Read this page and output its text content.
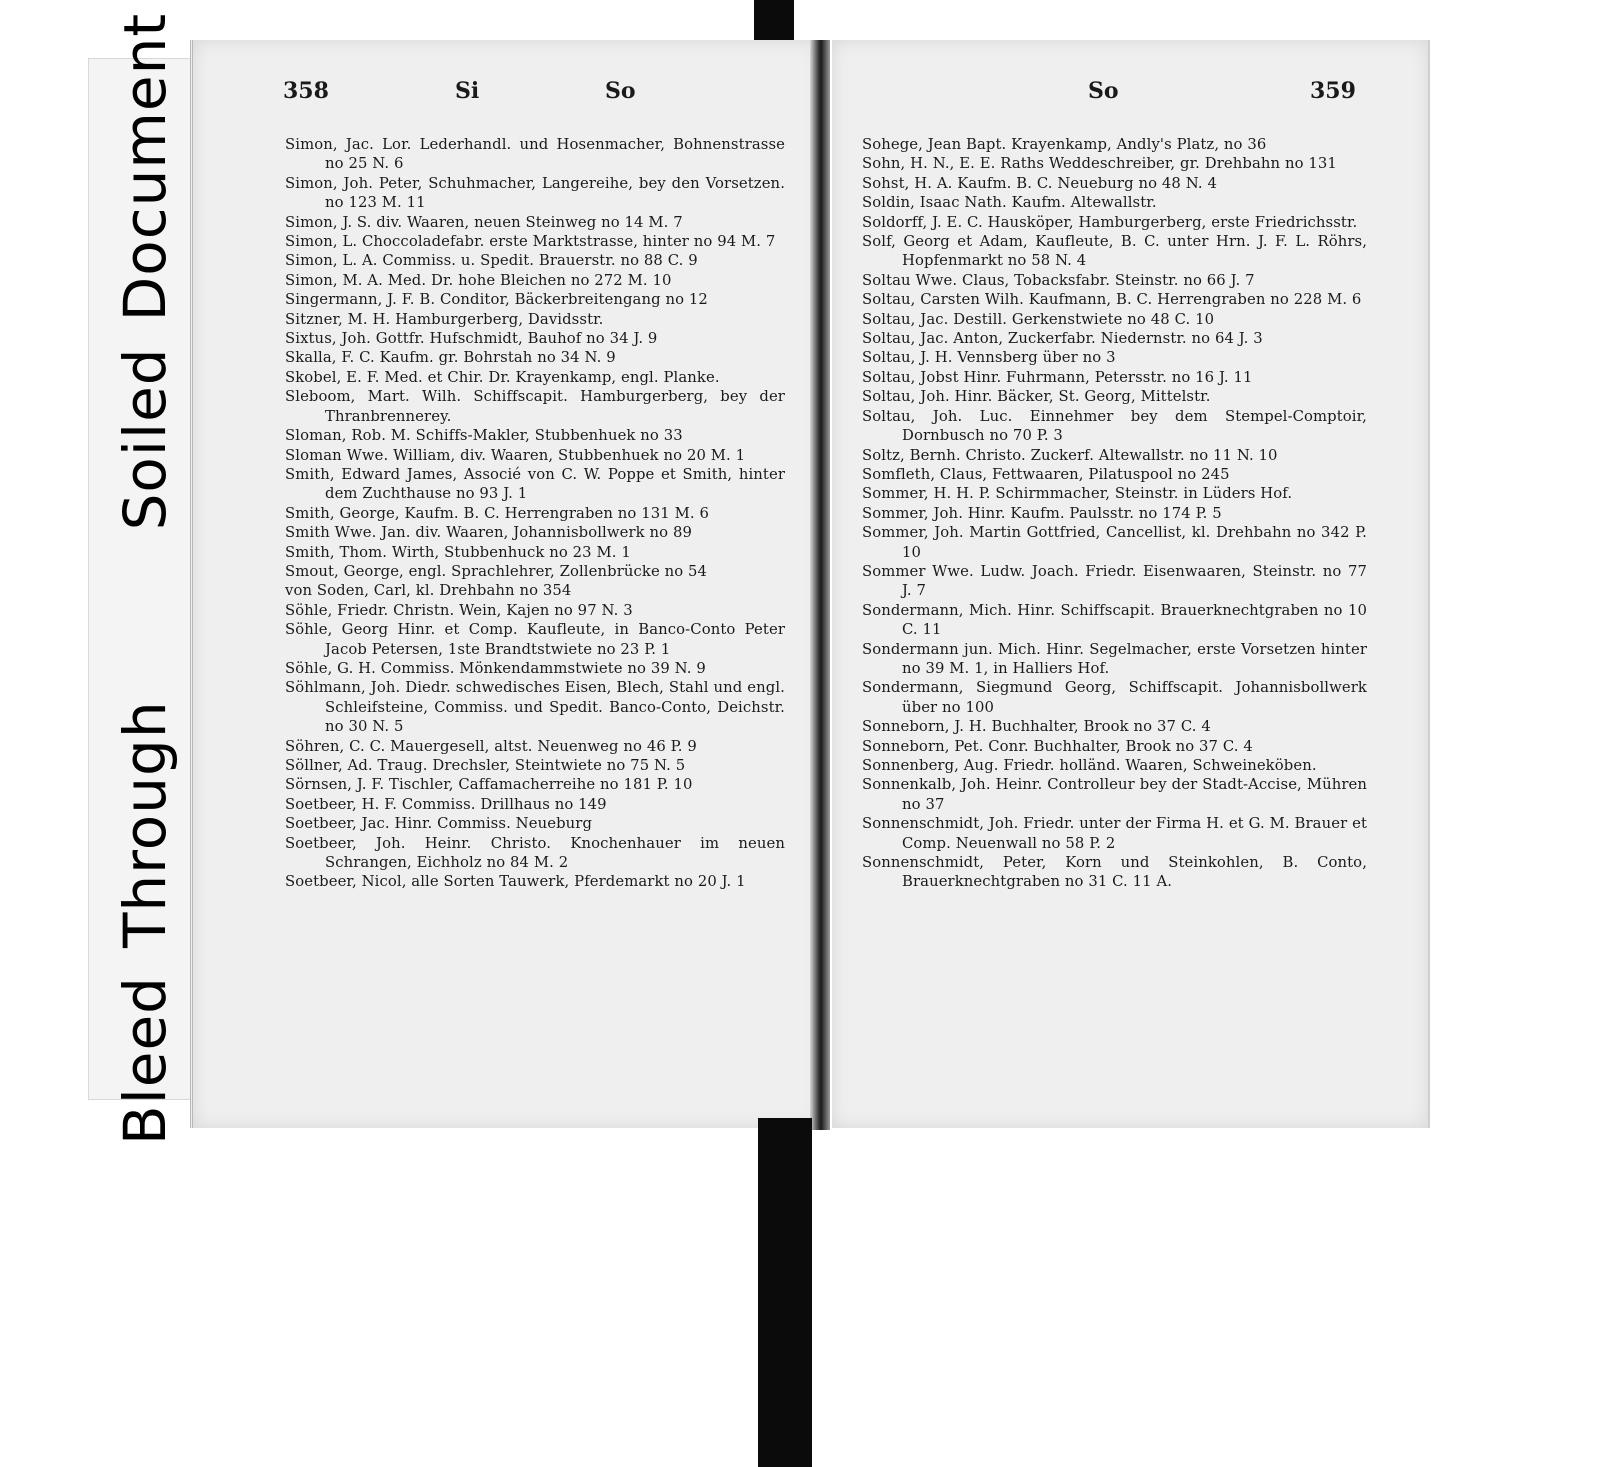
BleedThroughSoiledDocument	358	Si	So
Simon, Jac. Lor. Lederhandl. und Hosenmacher, Bohnenstrasse no 25 N. 6
Simon, Joh. Peter, Schuhmacher, Langereihe, bey den Vorsetzen. no 123 M. 11
Simon, J. S. div. Waaren, neuen Steinweg no 14 M. 7
Simon, L. Choccoladefabr. erste Marktstrasse, hinter no 94 M. 7
Simon, L. A. Commiss. u. Spedit. Brauerstr. no 88 C. 9
Simon, M. A. Med. Dr. hohe Bleichen no 272 M. 10
Singermann, J. F. B. Conditor, Bäckerbreitengang no 12
Sitzner, M. H. Hamburgerberg, Davidsstr.
Sixtus, Joh. Gottfr. Hufschmidt, Bauhof no 34 J. 9
Skalla, F. C. Kaufm. gr. Bohrstah no 34 N. 9
Skobel, E. F. Med. et Chir. Dr. Krayenkamp, engl. Planke.
Sleboom, Mart. Wilh. Schiffscapit. Hamburgerberg, bey der Thranbrennerey.
Sloman, Rob. M. Schiffs-Makler, Stubbenhuek no 33
Sloman Wwe. William, div. Waaren, Stubbenhuek no 20 M. 1
Smith, Edward James, Associé von C. W. Poppe et Smith, hinter dem Zuchthause no 93 J. 1
Smith, George, Kaufm. B. C. Herrengraben no 131 M. 6
Smith Wwe. Jan. div. Waaren, Johannisbollwerk no 89
Smith, Thom. Wirth, Stubbenhuck no 23 M. 1
Smout, George, engl. Sprachlehrer, Zollenbrücke no 54
von Soden, Carl, kl. Drehbahn no 354
Söhle, Friedr. Christn. Wein, Kajen no 97 N. 3
Söhle, Georg Hinr. et Comp. Kaufleute, in Banco-Conto Peter Jacob Petersen, 1ste Brandtstwiete no 23 P. 1
Söhle, G. H. Commiss. Mönkendammstwiete no 39 N. 9
Söhlmann, Joh. Diedr. schwedisches Eisen, Blech, Stahl und engl. Schleifsteine, Commiss. und Spedit. Banco-Conto, Deichstr. no 30 N. 5
Söhren, C. C. Mauergesell, altst. Neuenweg no 46 P. 9
Söllner, Ad. Traug. Drechsler, Steintwiete no 75 N. 5
Sörnsen, J. F. Tischler, Caffamacherreihe no 181 P. 10
Soetbeer, H. F. Commiss. Drillhaus no 149
Soetbeer, Jac. Hinr. Commiss. Neueburg
Soetbeer, Joh. Heinr. Christo. Knochenhauer im neuen Schrangen, Eichholz no 84 M. 2
Soetbeer, Nicol, alle Sorten Tauwerk, Pferdemarkt no 20 J. 1
So	359
Sohege, Jean Bapt. Krayenkamp, Andly's Platz, no 36
Sohn, H. N., E. E. Raths Weddeschreiber, gr. Drehbahn no 131
Sohst, H. A. Kaufm. B. C. Neueburg no 48 N. 4
Soldin, Isaac Nath. Kaufm. Altewallstr.
Soldorff, J. E. C. Hausköper, Hamburgerberg, erste Friedrichsstr.
Solf, Georg et Adam, Kaufleute, B. C. unter Hrn. J. F. L. Röhrs, Hopfenmarkt no 58 N. 4
Soltau Wwe. Claus, Tobacksfabr. Steinstr. no 66 J. 7
Soltau, Carsten Wilh. Kaufmann, B. C. Herrengraben no 228 M. 6
Soltau, Jac. Destill. Gerkenstwiete no 48 C. 10
Soltau, Jac. Anton, Zuckerfabr. Niedernstr. no 64 J. 3
Soltau, J. H. Vennsberg über no 3
Soltau, Jobst Hinr. Fuhrmann, Petersstr. no 16 J. 11
Soltau, Joh. Hinr. Bäcker, St. Georg, Mittelstr.
Soltau, Joh. Luc. Einnehmer bey dem Stempel-Comptoir, Dornbusch no 70 P. 3
Soltz, Bernh. Christo. Zuckerf. Altewallstr. no 11 N. 10
Somfleth, Claus, Fettwaaren, Pilatuspool no 245
Sommer, H. H. P. Schirmmacher, Steinstr. in Lüders Hof.
Sommer, Joh. Hinr. Kaufm. Paulsstr. no 174 P. 5
Sommer, Joh. Martin Gottfried, Cancellist, kl. Drehbahn no 342 P. 10
Sommer Wwe. Ludw. Joach. Friedr. Eisenwaaren, Steinstr. no 77 J. 7
Sondermann, Mich. Hinr. Schiffscapit. Brauerknechtgraben no 10 C. 11
Sondermann jun. Mich. Hinr. Segelmacher, erste Vorsetzen hinter no 39 M. 1, in Halliers Hof.
Sondermann, Siegmund Georg, Schiffscapit. Johannisbollwerk über no 100
Sonneborn, J. H. Buchhalter, Brook no 37 C. 4
Sonneborn, Pet. Conr. Buchhalter, Brook no 37 C. 4
Sonnenberg, Aug. Friedr. holländ. Waaren, Schweineköben.
Sonnenkalb, Joh. Heinr. Controlleur bey der Stadt-Accise, Mühren no 37
Sonnenschmidt, Joh. Friedr. unter der Firma H. et G. M. Brauer et Comp. Neuenwall no 58 P. 2
Sonnenschmidt, Peter, Korn und Steinkohlen, B. Conto, Brauerknechtgraben no 31 C. 11 A.
